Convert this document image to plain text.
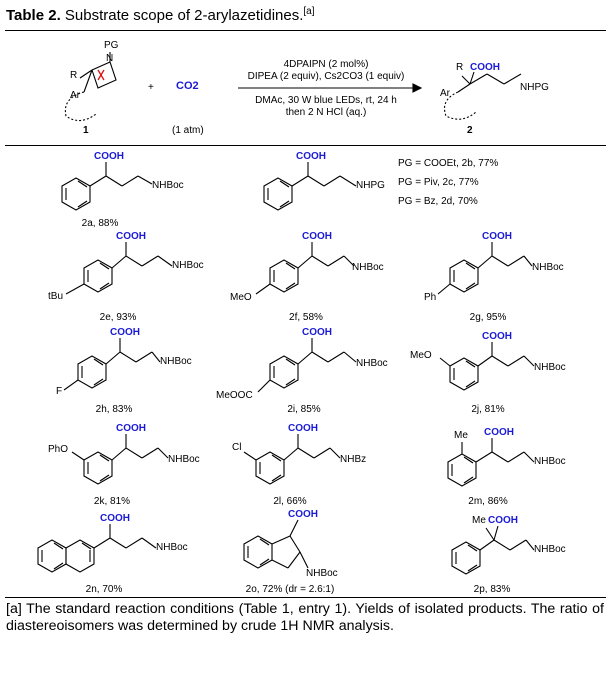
Table 2. Substrate scope of 2-arylazetidines.[a]
PG
N
R
Ar
1
+ CO2
(1 atm)
4DPAIPN (2 mol%)
DIPEA (2 equiv), Cs2CO3 (1 equiv)
DMAc, 30 W blue LEDs, rt, 24 h
then 2 N HCl (aq.)
R COOH
Ar
NHPG
2
PG = COOEt, 2b, 77%
PG = Piv, 2c, 77%
PG = Bz, 2d, 70%
COOH
NHBoc
2a, 88%
COOH
NHPG
COOH
NHBoc
tBu
2e, 93%
COOH
NHBoc
MeO
2f, 58%
COOH
NHBoc
Ph
2g, 95%
COOH
NHBoc
F
2h, 83%
COOH
NHBoc
MeOOC
2i, 85%
COOH
NHBoc
MeO
2j, 81%
COOH
NHBoc
PhO
2k, 81%
COOH
NHBz
Cl
2l, 66%
COOH
NHBoc
Me
2m, 86%
COOH
NHBoc
2n, 70%
COOH
NHBoc
2o, 72% (dr = 2.6:1)
COOH
NHBoc
Me
2p, 83%
[a] The standard reaction conditions (Table 1, entry 1). Yields of isolated products. The ratio of diastereoisomers was determined by crude 1H NMR analysis.
